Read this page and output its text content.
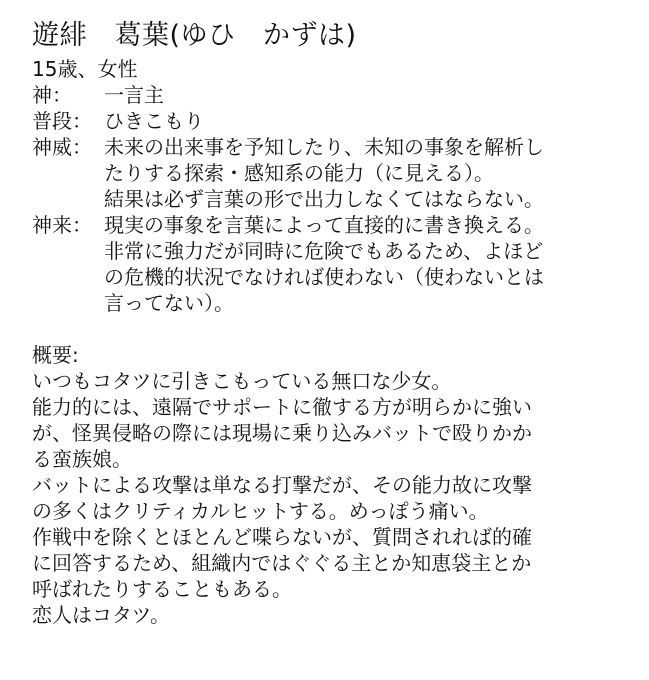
遊緋　葛葉(ゆひ　かずは)
15歳、女性
神：	一言主
普段： ひきこもり
神威： 未来の出来事を予知したり、未知の事象を解析し
たりする探索・感知系の能力（に見える）。
結果は必ず言葉の形で出力しなくてはならない。
神来： 現実の事象を言葉によって直接的に書き換える。
非常に強力だが同時に危険でもあるため、よほど
の危機的状況でなければ使わない（使わないとは
言ってない）。
概要:
いつもコタツに引きこもっている無口な少女。
能力的には、遠隔でサポートに徹する方が明らかに強い
が、怪異侵略の際には現場に乗り込みバットで殴りかか
る蛮族娘。
バットによる攻撃は単なる打撃だが、その能力故に攻撃
の多くはクリティカルヒットする。めっぽう痛い。
作戦中を除くとほとんど喋らないが、質問されれば的確
に回答するため、組織内ではぐぐる主とか知恵袋主とか
呼ばれたりすることもある。
恋人はコタツ。
